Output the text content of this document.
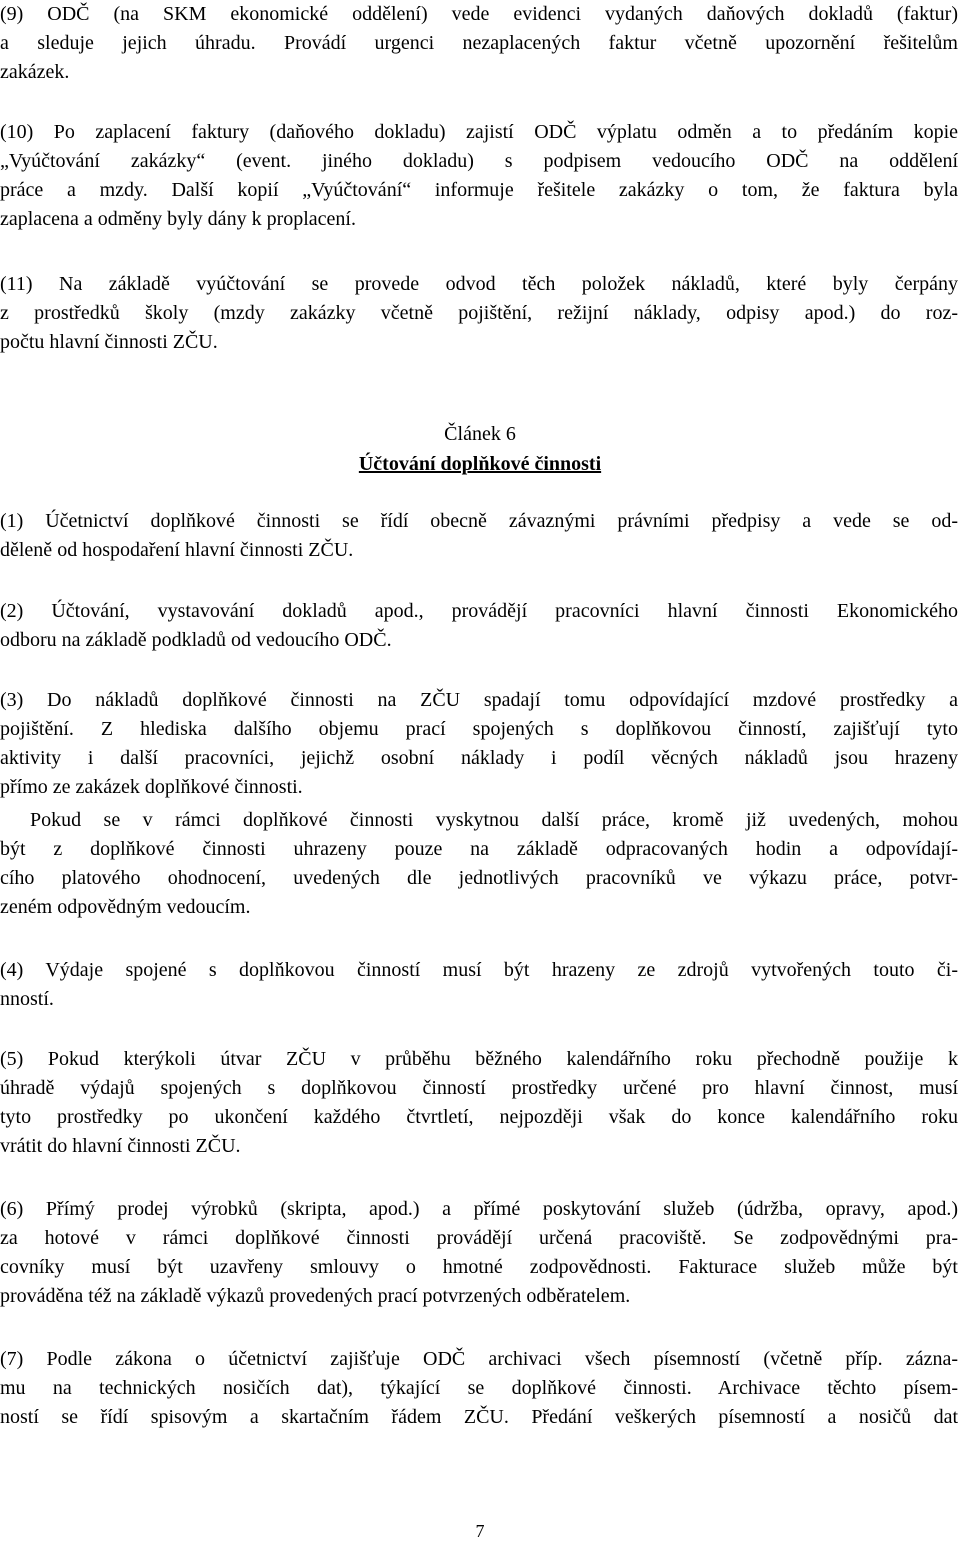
(9) ODČ (na SKM ekonomické oddělení) vede evidenci vydaných daňových dokladů (faktur)
a sleduje jejich úhradu. Provádí urgenci nezaplacených faktur včetně upozornění řešitelům
zakázek.
(10) Po zaplacení faktury (daňového dokladu) zajistí ODČ výplatu odměn a to předáním kopie
„Vyúčtování zakázky“ (event. jiného dokladu) s podpisem vedoucího ODČ na oddělení
práce a mzdy. Další kopií „Vyúčtování“ informuje řešitele zakázky o tom, že faktura byla
zaplacena a odměny byly dány k proplacení.
(11) Na základě vyúčtování se provede odvod těch položek nákladů, které byly čerpány
z prostředků školy (mzdy zakázky včetně pojištění, režijní náklady, odpisy apod.) do roz-
počtu hlavní činnosti ZČU.
Článek 6
Účtování doplňkové činnosti
(1) Účetnictví doplňkové činnosti se řídí obecně závaznými právními předpisy a vede se od-
děleně od hospodaření hlavní činnosti ZČU.
(2) Účtování, vystavování dokladů apod., provádějí pracovníci hlavní činnosti Ekonomického
odboru na základě podkladů od vedoucího ODČ.
(3) Do nákladů doplňkové činnosti na ZČU spadají tomu odpovídající mzdové prostředky a
pojištění. Z hlediska dalšího objemu prací spojených s doplňkovou činností, zajišťují tyto
aktivity i další pracovníci, jejichž osobní náklady i podíl věcných nákladů jsou hrazeny
přímo ze zakázek doplňkové činnosti.
Pokud se v rámci doplňkové činnosti vyskytnou další práce, kromě již uvedených, mohou
být z doplňkové činnosti uhrazeny pouze na základě odpracovaných hodin a odpovídají-
cího platového ohodnocení, uvedených dle jednotlivých pracovníků ve výkazu práce, potvr-
zeném odpovědným vedoucím.
(4) Výdaje spojené s doplňkovou činností musí být hrazeny ze zdrojů vytvořených touto či-
nností.
(5) Pokud kterýkoli útvar ZČU v průběhu běžného kalendářního roku přechodně použije k
úhradě výdajů spojených s doplňkovou činností prostředky určené pro hlavní činnost, musí
tyto prostředky po ukončení každého čtvrtletí, nejpozději však do konce kalendářního roku
vrátit do hlavní činnosti ZČU.
(6) Přímý prodej výrobků (skripta, apod.) a přímé poskytování služeb (údržba, opravy, apod.)
za hotové v rámci doplňkové činnosti provádějí určená pracoviště. Se zodpovědnými pra-
covníky musí být uzavřeny smlouvy o hmotné zodpovědnosti. Fakturace služeb může být
prováděna též na základě výkazů provedených prací potvrzených odběratelem.
(7) Podle zákona o účetnictví zajišťuje ODČ archivaci všech písemností (včetně příp. zázna-
mu na technických nosičích dat), týkající se doplňkové činnosti. Archivace těchto písem-
ností se řídí spisovým a skartačním řádem ZČU. Předání veškerých písemností a nosičů dat
7
